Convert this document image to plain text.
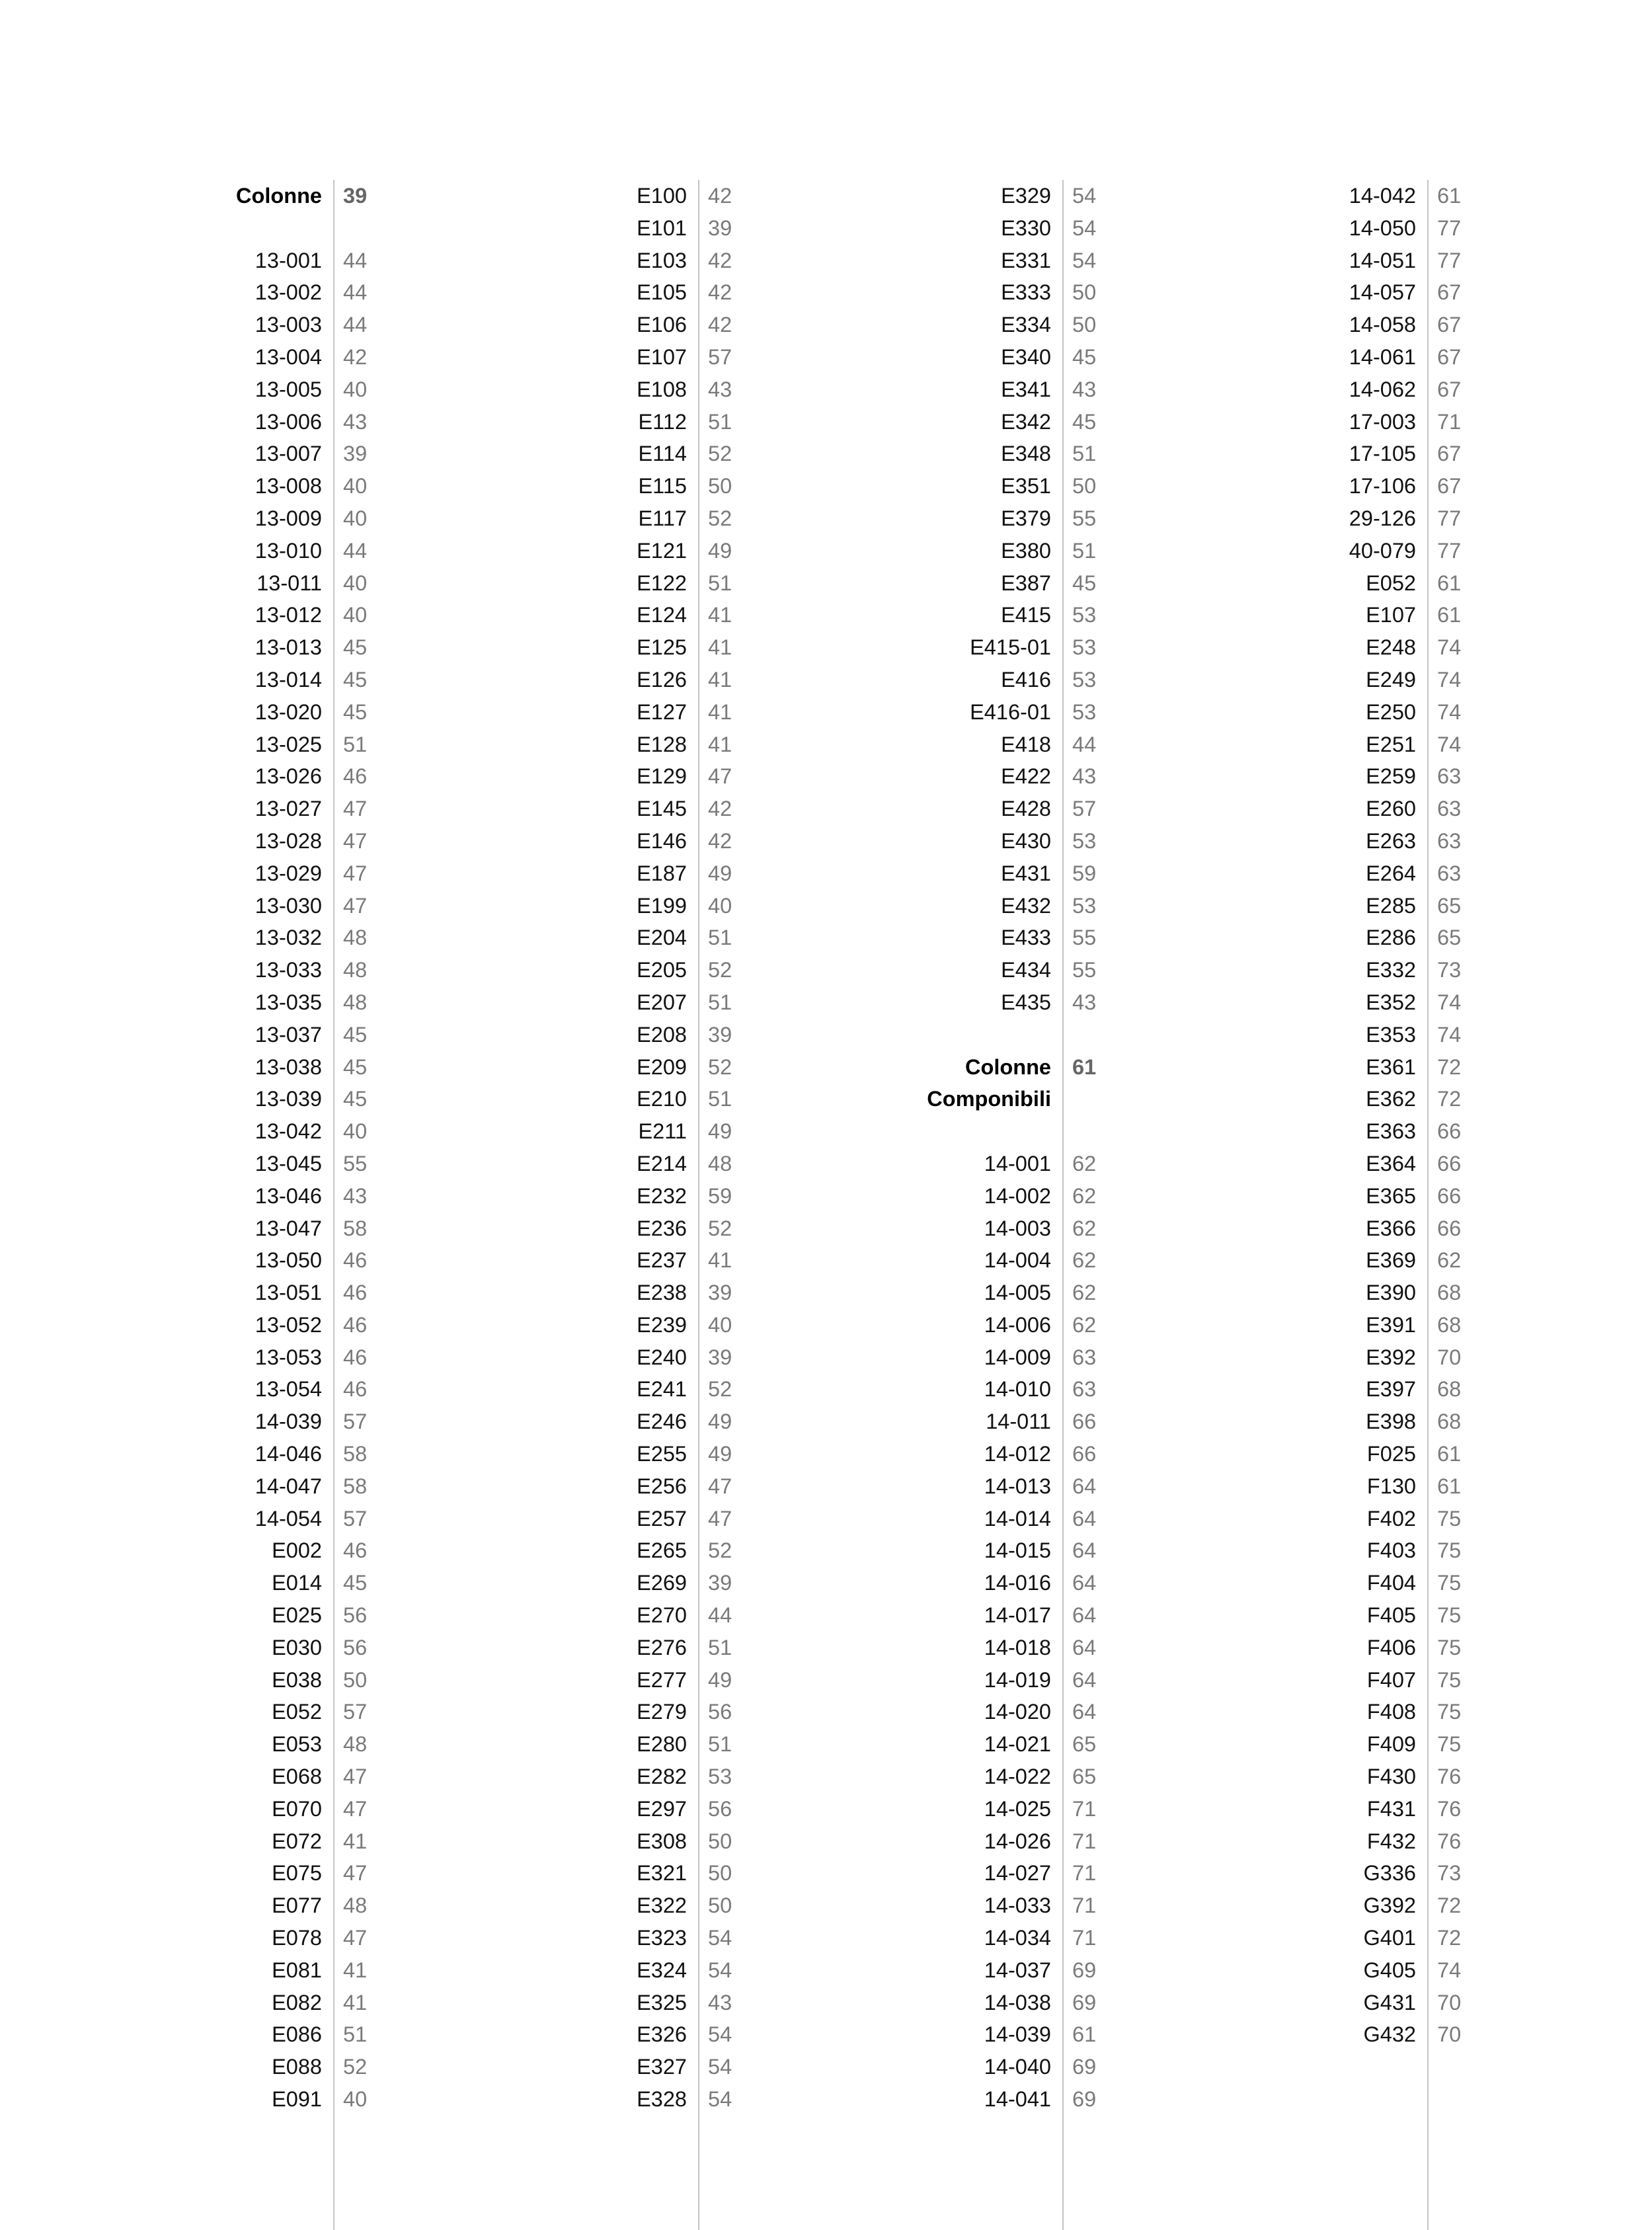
Colonne 39
13-001 44
13-002 44
13-003 44
13-004 42
13-005 40
13-006 43
13-007 39
13-008 40
13-009 40
13-010 44
13-011 40
13-012 40
13-013 45
13-014 45
13-020 45
13-025 51
13-026 46
13-027 47
13-028 47
13-029 47
13-030 47
13-032 48
13-033 48
13-035 48
13-037 45
13-038 45
13-039 45
13-042 40
13-045 55
13-046 43
13-047 58
13-050 46
13-051 46
13-052 46
13-053 46
13-054 46
14-039 57
14-046 58
14-047 58
14-054 57
E002 46
E014 45
E025 56
E030 56
E038 50
E052 57
E053 48
E068 47
E070 47
E072 41
E075 47
E077 48
E078 47
E081 41
E082 41
E086 51
E088 52
E091 40
E100 42
E101 39
E103 42
E105 42
E106 42
E107 57
E108 43
E112 51
E114 52
E115 50
E117 52
E121 49
E122 51
E124 41
E125 41
E126 41
E127 41
E128 41
E129 47
E145 42
E146 42
E187 49
E199 40
E204 51
E205 52
E207 51
E208 39
E209 52
E210 51
E211 49
E214 48
E232 59
E236 52
E237 41
E238 39
E239 40
E240 39
E241 52
E246 49
E255 49
E256 47
E257 47
E265 52
E269 39
E270 44
E276 51
E277 49
E279 56
E280 51
E282 53
E297 56
E308 50
E321 50
E322 50
E323 54
E324 54
E325 43
E326 54
E327 54
E328 54
E329 54
E330 54
E331 54
E333 50
E334 50
E340 45
E341 43
E342 45
E348 51
E351 50
E379 55
E380 51
E387 45
E415 53
E415-01 53
E416 53
E416-01 53
E418 44
E422 43
E428 57
E430 53
E431 59
E432 53
E433 55
E434 55
E435 43
Colonne 61
Componibili
14-001 62
14-002 62
14-003 62
14-004 62
14-005 62
14-006 62
14-009 63
14-010 63
14-011 66
14-012 66
14-013 64
14-014 64
14-015 64
14-016 64
14-017 64
14-018 64
14-019 64
14-020 64
14-021 65
14-022 65
14-025 71
14-026 71
14-027 71
14-033 71
14-034 71
14-037 69
14-038 69
14-039 61
14-040 69
14-041 69
14-042 61
14-050 77
14-051 77
14-057 67
14-058 67
14-061 67
14-062 67
17-003 71
17-105 67
17-106 67
29-126 77
40-079 77
E052 61
E107 61
E248 74
E249 74
E250 74
E251 74
E259 63
E260 63
E263 63
E264 63
E285 65
E286 65
E332 73
E352 74
E353 74
E361 72
E362 72
E363 66
E364 66
E365 66
E366 66
E369 62
E390 68
E391 68
E392 70
E397 68
E398 68
F025 61
F130 61
F402 75
F403 75
F404 75
F405 75
F406 75
F407 75
F408 75
F409 75
F430 76
F431 76
F432 76
G336 73
G392 72
G401 72
G405 74
G431 70
G432 70
